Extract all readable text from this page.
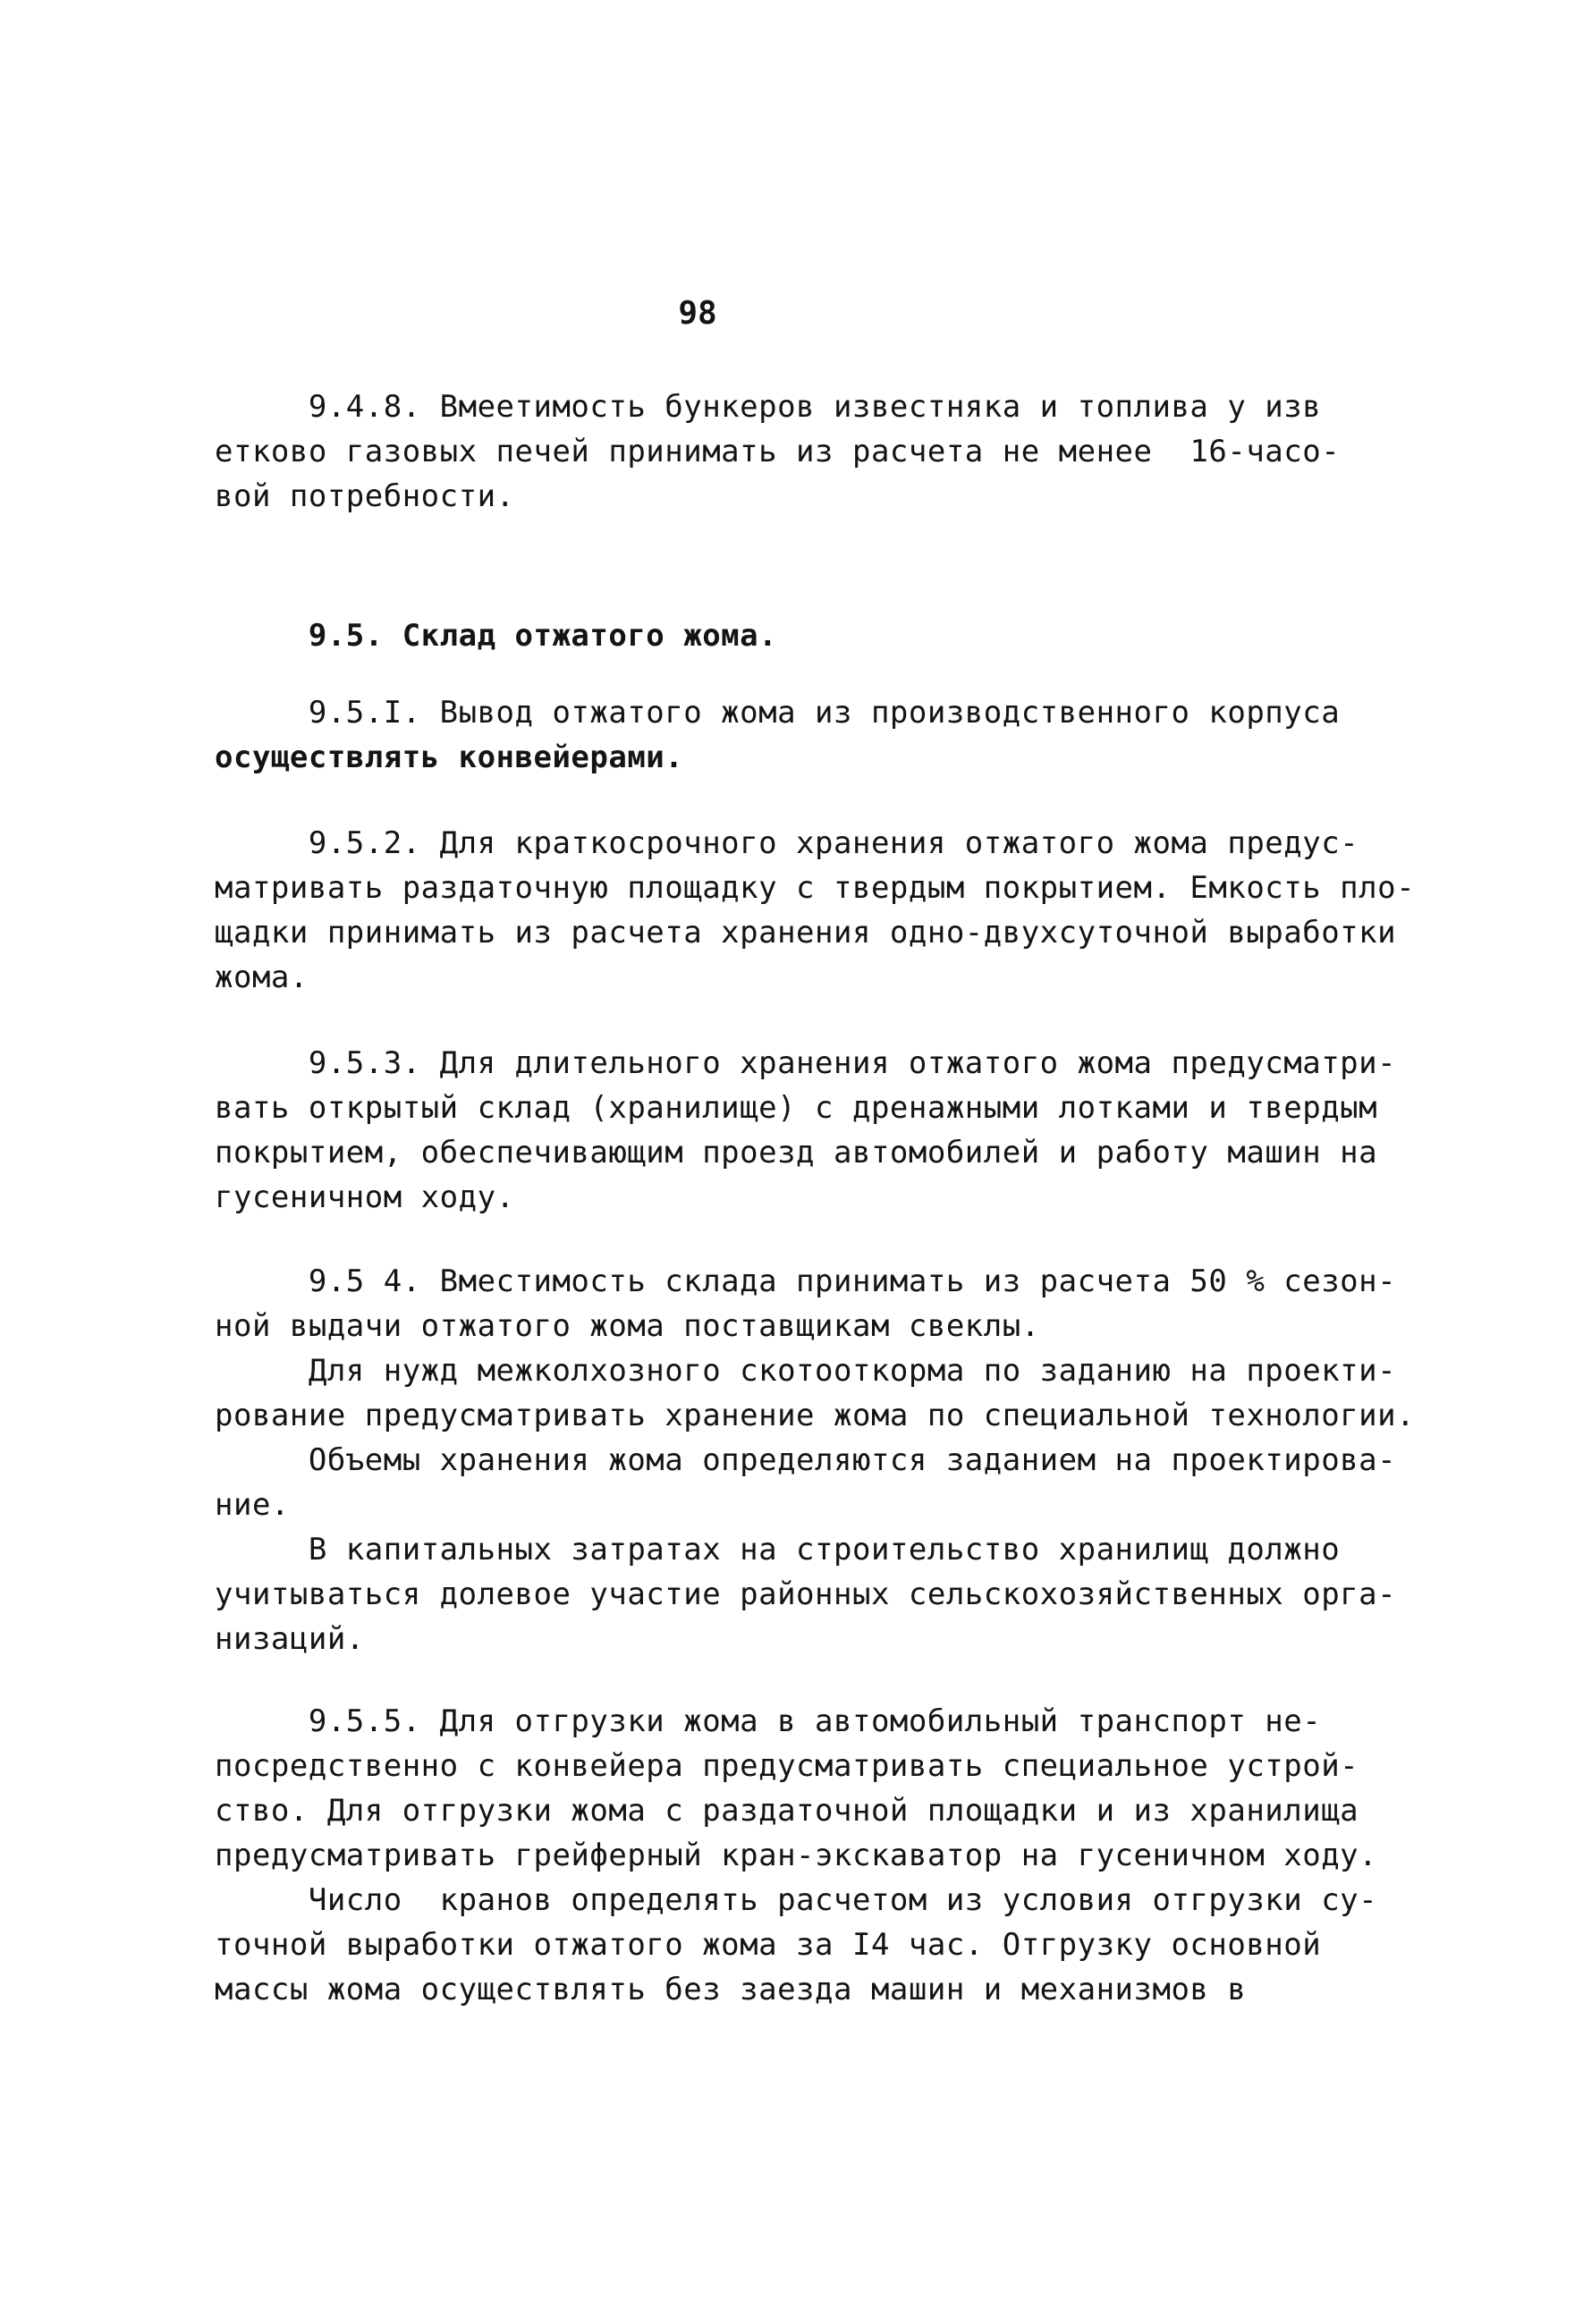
98
9.4.8. Вмеетимость бункеров известняка и топлива у изв
етково газовых печей принимать из расчета не менее  16-часо-
вой потребности.
9.5. Склад отжатого жома.
9.5.I. Вывод отжатого жома из производственного корпуса
осуществлять конвейерами.
9.5.2. Для краткосрочного хранения отжатого жома предус-
матривать раздаточную площадку с твердым покрытием. Емкость пло-
щадки принимать из расчета хранения одно-двухсуточной выработки
жома.
9.5.3. Для длительного хранения отжатого жома предусматри-
вать открытый склад (хранилище) с дренажными лотками и твердым
покрытием, обеспечивающим проезд автомобилей и работу машин на
гусеничном ходу.
9.5 4. Вместимость склада принимать из расчета 50 % сезон-
ной выдачи отжатого жома поставщикам свеклы.
Для нужд межколхозного скотооткорма по заданию на проекти-
рование предусматривать хранение жома по специальной технологии.
Объемы хранения жома определяются заданием на проектирова-
ние.
В капитальных затратах на строительство хранилищ должно
учитываться долевое участие районных сельскохозяйственных орга-
низаций.
9.5.5. Для отгрузки жома в автомобильный транспорт не-
посредственно с конвейера предусматривать специальное устрой-
ство. Для отгрузки жома с раздаточной площадки и из хранилища
предусматривать грейферный кран-экскаватор на гусеничном ходу.
Число  кранов определять расчетом из условия отгрузки су-
точной выработки отжатого жома за I4 час. Отгрузку основной
массы жома осуществлять без заезда машин и механизмов в
